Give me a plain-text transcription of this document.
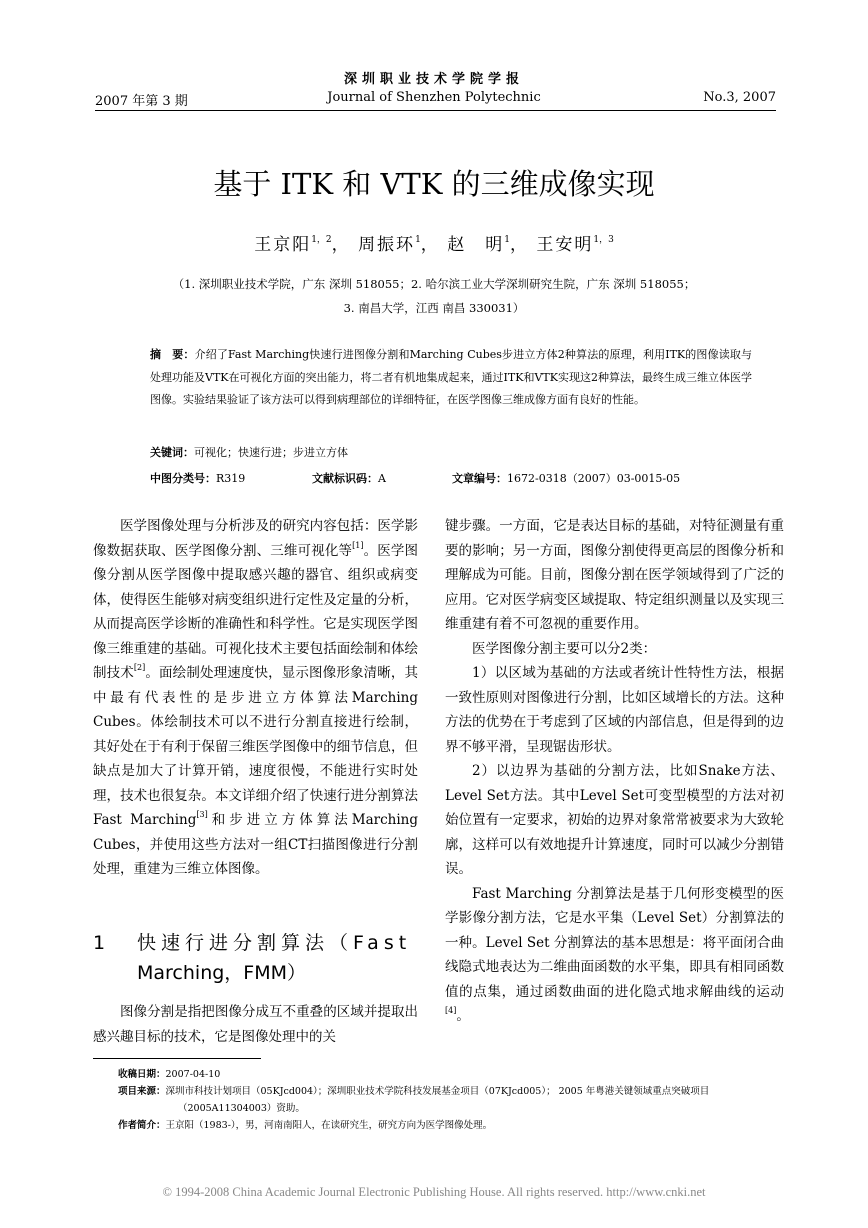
深圳职业技术学院学报
2007 年第 3 期	Journal of Shenzhen Polytechnic	No.3, 2007
基于 ITK 和 VTK 的三维成像实现
王京阳$^{1,2}$， 周振环$^1$， 赵　明$^1$， 王安明$^{1,3}$
（1. 深圳职业技术学院，广东 深圳 518055；2. 哈尔滨工业大学深圳研究生院，广东 深圳 518055；
3. 南昌大学，江西 南昌 330031）
摘　要：介绍了Fast Marching快速行进图像分割和Marching Cubes步进立方体2种算法的原理，利用ITK的图像读取与处理功能及VTK在可视化方面的突出能力，将二者有机地集成起来，通过ITK和VTK实现这2种算法，最终生成三维立体医学图像。实验结果验证了该方法可以得到病理部位的详细特征，在医学图像三维成像方面有良好的性能。
关键词：可视化；快速行进；步进立方体
中图分类号：R319	文献标识码：A	文章编号：1672-0318（2007）03-0015-05

医学图像处理与分析涉及的研究内容包括：医学影像数据获取、医学图像分割、三维可视化等[1]。医学图像分割从医学图像中提取感兴趣的器官、组织或病变体，使得医生能够对病变组织进行定性及定量的分析，从而提高医学诊断的准确性和科学性。它是实现医学图像三维重建的基础。可视化技术主要包括面绘制和体绘制技术[2]。面绘制处理速度快，显示图像形象清晰，其中最有代表性的是步进立方体算法Marching Cubes。体绘制技术可以不进行分割直接进行绘制，其好处在于有利于保留三维医学图像中的细节信息，但缺点是加大了计算开销，速度很慢，不能进行实时处理，技术也很复杂。本文详细介绍了快速行进分割算法Fast Marching[3]和步进立方体算法Marching Cubes，并使用这些方法对一组CT扫描图像进行分割处理，重建为三维立体图像。

1 快速行进分割算法（Fast
Marching，FMM）

图像分割是指把图像分成互不重叠的区域并提取出感兴趣目标的技术，它是图像处理中的关

键步骤。一方面，它是表达目标的基础，对特征测量有重要的影响；另一方面，图像分割使得更高层的图像分析和理解成为可能。目前，图像分割在医学领域得到了广泛的应用。它对医学病变区域提取、特定组织测量以及实现三维重建有着不可忽视的重要作用。

医学图像分割主要可以分2类：

1）以区域为基础的方法或者统计性特性方法，根据一致性原则对图像进行分割，比如区域增长的方法。这种方法的优势在于考虑到了区域的内部信息，但是得到的边界不够平滑，呈现锯齿形状。

2）以边界为基础的分割方法，比如Snake方法、Level Set方法。其中Level Set可变型模型的方法对初始位置有一定要求，初始的边界对象常常被要求为大致轮廓，这样可以有效地提升计算速度，同时可以减少分割错误。

Fast Marching 分割算法是基于几何形变模型的医学影像分割方法，它是水平集（Level Set）分割算法的一种。Level Set 分割算法的基本思想是：将平面闭合曲线隐式地表达为二维曲面函数的水平集，即具有相同函数值的点集，通过函数曲面的进化隐式地求解曲线的运动[4]。

收稿日期：2007-04-10
项目来源：深圳市科技计划项目（05KJcd004）；深圳职业技术学院科技发展基金项目（07KJcd005）； 2005 年粤港关键领域重点突破项目
（2005A11304003）资助。
作者简介：王京阳（1983-），男，河南南阳人，在读研究生，研究方向为医学图像处理。
© 1994-2008 China Academic Journal Electronic Publishing House. All rights reserved. http://www.cnki.net
